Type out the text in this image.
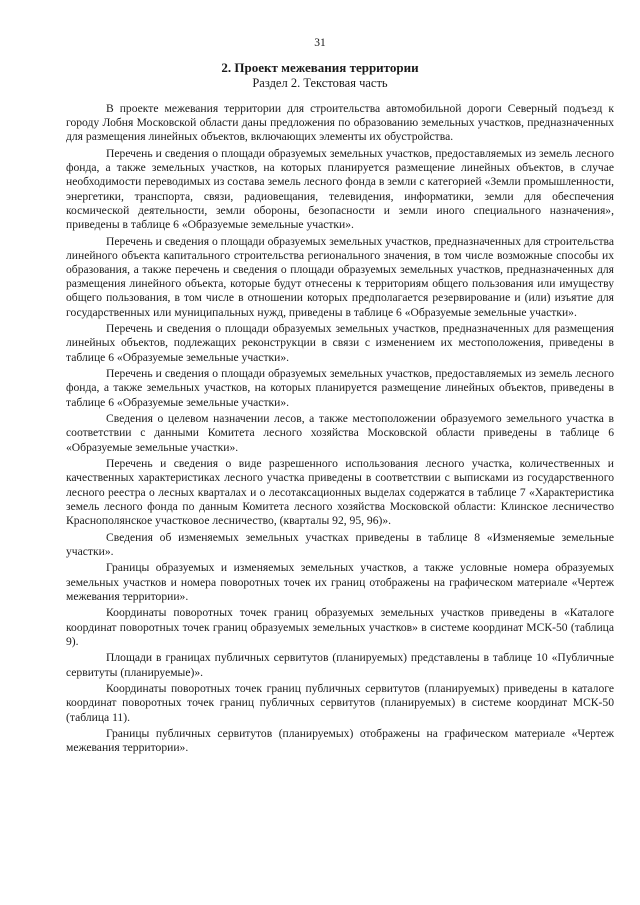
31
2. Проект межевания территории
Раздел 2. Текстовая часть

В проекте межевания территории для строительства автомобильной дороги Северный подъезд к городу Лобня Московской области даны предложения по образованию земельных участков, предназначенных для размещения линейных объектов, включающих элементы их обустройства.

Перечень и сведения о площади образуемых земельных участков, предоставляемых из земель лесного фонда, а также земельных участков, на которых планируется размещение линейных объектов, в случае необходимости переводимых из состава земель лесного фонда в земли с категорией «Земли промышленности, энергетики, транспорта, связи, радиовещания, телевидения, информатики, земли для обеспечения космической деятельности, земли обороны, безопасности и земли иного специального назначения», приведены в таблице 6 «Образуемые земельные участки».

Перечень и сведения о площади образуемых земельных участков, предназначенных для строительства линейного объекта капитального строительства регионального значения, в том числе возможные способы их образования, а также перечень и сведения о площади образуемых земельных участков, предназначенных для размещения линейного объекта, которые будут отнесены к территориям общего пользования или имуществу общего пользования, в том числе в отношении которых предполагается резервирование и (или) изъятие для государственных или муниципальных нужд, приведены в таблице 6 «Образуемые земельные участки».

Перечень и сведения о площади образуемых земельных участков, предназначенных для размещения линейных объектов, подлежащих реконструкции в связи с изменением их местоположения, приведены в таблице 6 «Образуемые земельные участки».

Перечень и сведения о площади образуемых земельных участков, предоставляемых из земель лесного фонда, а также земельных участков, на которых планируется размещение линейных объектов, приведены в таблице 6 «Образуемые земельные участки».

Сведения о целевом назначении лесов, а также местоположении образуемого земельного участка в соответствии с данными Комитета лесного хозяйства Московской области приведены в таблице 6 «Образуемые земельные участки».

Перечень и сведения о виде разрешенного использования лесного участка, количественных и качественных характеристиках лесного участка приведены в соответствии с выписками из государственного лесного реестра о лесных кварталах и о лесотаксационных выделах содержатся в таблице 7 «Характеристика земель лесного фонда по данным Комитета лесного хозяйства Московской области: Клинское лесничество Краснополянское участковое лесничество, (кварталы 92, 95, 96)».

Сведения об изменяемых земельных участках приведены в таблице 8 «Изменяемые земельные участки».

Границы образуемых и изменяемых земельных участков, а также условные номера образуемых земельных участков и номера поворотных точек их границ отображены на графическом материале «Чертеж межевания территории».

Координаты поворотных точек границ образуемых земельных участков приведены в «Каталоге координат поворотных точек границ образуемых земельных участков» в системе координат МСК-50 (таблица 9).

Площади в границах публичных сервитутов (планируемых) представлены в таблице 10 «Публичные сервитуты (планируемые)».

Координаты поворотных точек границ публичных сервитутов (планируемых) приведены в каталоге координат поворотных точек границ публичных сервитутов (планируемых) в системе координат МСК-50 (таблица 11).

Границы публичных сервитутов (планируемых) отображены на графическом материале «Чертеж межевания территории».
